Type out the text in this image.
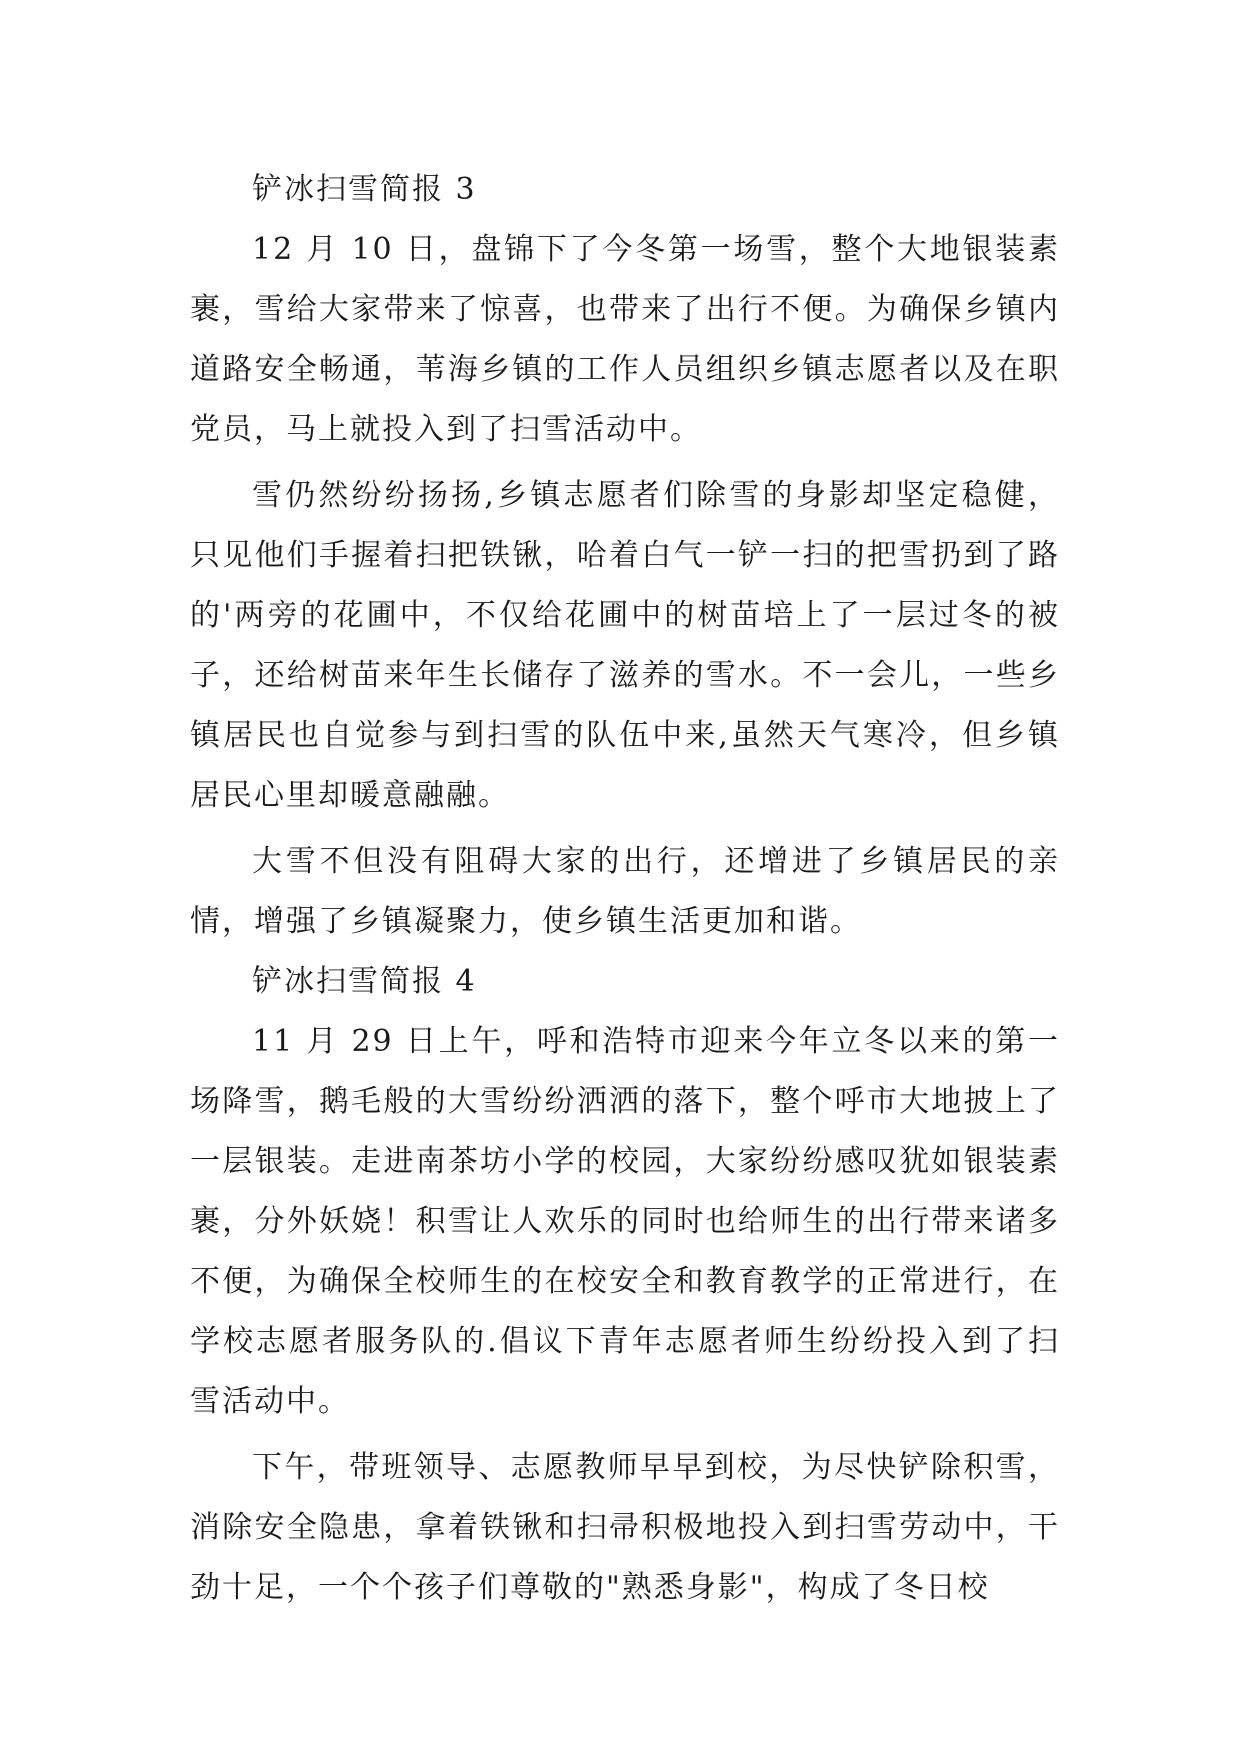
铲冰扫雪简报 3

12 月 10 日，盘锦下了今冬第一场雪，整个大地银装素裹，雪给大家带来了惊喜，也带来了出行不便。为确保乡镇内道路安全畅通，苇海乡镇的工作人员组织乡镇志愿者以及在职党员，马上就投入到了扫雪活动中。

雪仍然纷纷扬扬,乡镇志愿者们除雪的身影却坚定稳健，只见他们手握着扫把铁锹，哈着白气一铲一扫的把雪扔到了路的'两旁的花圃中，不仅给花圃中的树苗培上了一层过冬的被子，还给树苗来年生长储存了滋养的雪水。不一会儿，一些乡镇居民也自觉参与到扫雪的队伍中来,虽然天气寒冷，但乡镇居民心里却暖意融融。

大雪不但没有阻碍大家的出行，还增进了乡镇居民的亲情，增强了乡镇凝聚力，使乡镇生活更加和谐。

铲冰扫雪简报 4

11 月 29 日上午，呼和浩特市迎来今年立冬以来的第一场降雪，鹅毛般的大雪纷纷洒洒的落下，整个呼市大地披上了一层银装。走进南茶坊小学的校园，大家纷纷感叹犹如银装素裹，分外妖娆！积雪让人欢乐的同时也给师生的出行带来诸多不便，为确保全校师生的在校安全和教育教学的正常进行，在学校志愿者服务队的.倡议下青年志愿者师生纷纷投入到了扫雪活动中。

下午，带班领导、志愿教师早早到校，为尽快铲除积雪，消除安全隐患，拿着铁锹和扫帚积极地投入到扫雪劳动中，干劲十足，一个个孩子们尊敬的"熟悉身影"，构成了冬日校
